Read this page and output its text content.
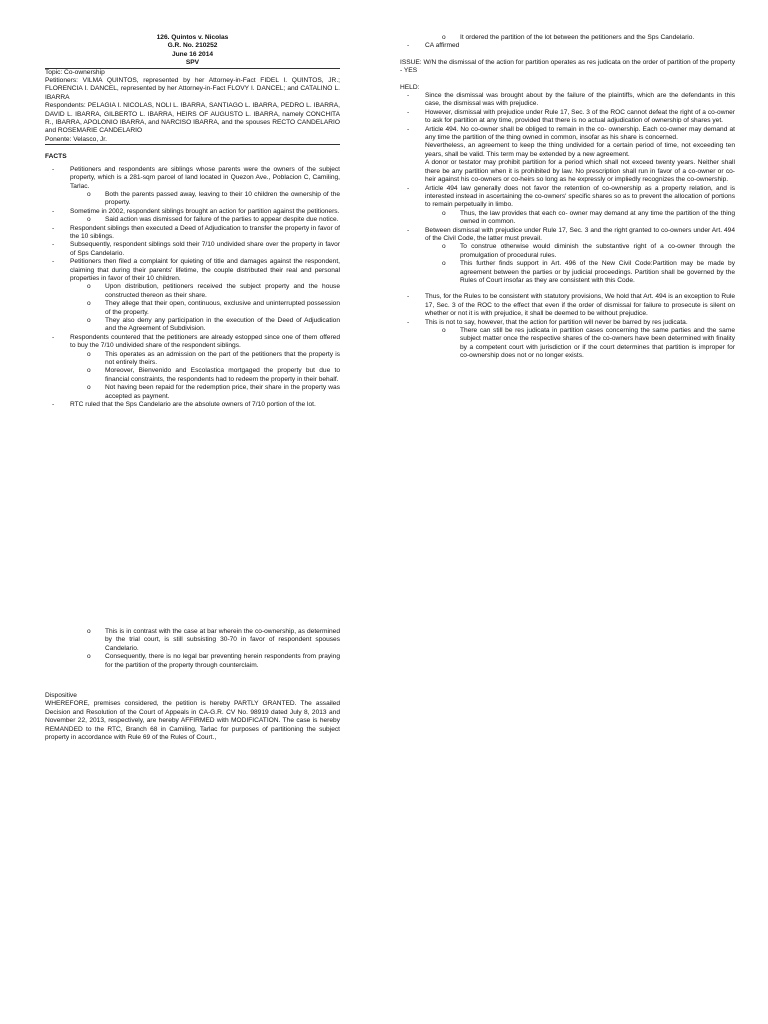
126. Quintos v. Nicolas
G.R. No. 210252
June 16 2014
SPV

Topic: Co-ownership

Petitioners: VILMA QUINTOS, represented by her Attorney-in-Fact FIDEL I. QUINTOS, JR.; FLORENCIA I. DANCEL, represented by her Attorney-in-Fact FLOVY I. DANCEL; and CATALINO L. IBARRA

Respondents: PELAGIA I. NICOLAS, NOLI L. IBARRA, SANTIAGO L. IBARRA, PEDRO L. IBARRA, DAVID L. IBARRA, GILBERTO L. IBARRA, HEIRS OF AUGUSTO L. IBARRA, namely CONCHITA R., IBARRA, APOLONIO IBARRA, and NARCISO IBARRA, and the spouses RECTO CANDELARIO and ROSEMARIE CANDELARIO

Ponente: Velasco, Jr.

FACTS
- Petitioners and respondents are siblings whose parents were the owners of the subject property, which is a 281-sqm parcel of land located in Quezon Ave., Poblacion C, Camiling, Tarlac.
o Both the parents passed away, leaving to their 10 children the ownership of the property.
- Sometime in 2002, respondent siblings brought an action for partition against the petitioners.
o Said action was dismissed for failure of the parties to appear despite due notice.
- Respondent siblings then executed a Deed of Adjudication to transfer the property in favor of the 10 siblings.
- Subsequently, respondent siblings sold their 7/10 undivided share over the property in favor of Sps Candelario.
- Petitioners then filed a complaint for quieting of title and damages against the respondent, claiming that during their parents' lifetime, the couple distributed their real and personal properties in favor of their 10 children.
o Upon distribution, petitioners received the subject property and the house constructed thereon as their share.
o They allege that their open, continuous, exclusive and uninterrupted possession of the property.
o They also deny any participation in the execution of the Deed of Adjudication and the Agreement of Subdivision.
- Respondents countered that the petitioners are already estopped since one of them offered to buy the 7/10 undivided share of the respondent siblings.
o This operates as an admission on the part of the petitioners that the property is not entirely theirs.
o Moreover, Bienvenido and Escolastica mortgaged the property but due to financial constraints, the respondents had to redeem the property in their behalf.
o Not having been repaid for the redemption price, their share in the property was accepted as payment.
- RTC ruled that the Sps Candelario are the absolute owners of 7/10 portion of the lot.
o This is in contrast with the case at bar wherein the co-ownership, as determined by the trial court, is still subsisting 30-70 in favor of respondent spouses Candelario.
o Consequently, there is no legal bar preventing herein respondents from praying for the partition of the property through counterclaim.
Dispositive

WHEREFORE, premises considered, the petition is hereby PARTLY GRANTED. The assailed Decision and Resolution of the Court of Appeals in CA-G.R. CV No. 98919 dated July 8, 2013 and November 22, 2013, respectively, are hereby AFFIRMED with MODIFICATION. The case is hereby REMANDED to the RTC, Branch 68 in Camiling, Tarlac for purposes of partitioning the subject property in accordance with Rule 69 of the Rules of Court.,

o It ordered the partition of the lot between the petitioners and the Sps Candelario.
- CA affirmed

ISSUE: W/N the dismissal of the action for partition operates as res judicata on the order of partition of the property - YES

HELD:
- Since the dismissal was brought about by the failure of the plaintiffs, which are the defendants in this case, the dismissal was with prejudice.
- However, dismissal with prejudice under Rule 17, Sec. 3 of the ROC cannot defeat the right of a co-owner to ask for partition at any time, provided that there is no actual adjudication of ownership of shares yet.
- Article 494. No co-owner shall be obliged to remain in the co- ownership. Each co-owner may demand at any time the partition of the thing owned in common, insofar as his share is concerned.
Nevertheless, an agreement to keep the thing undivided for a certain period of time, not exceeding ten years, shall be valid. This term may be extended by a new agreement.
A donor or testator may prohibit partition for a period which shall not exceed twenty years. Neither shall there be any partition when it is prohibited by law. No prescription shall run in favor of a co-owner or co-heir against his co-owners or co-heirs so long as he expressly or impliedly recognizes the co-ownership.
- Article 494 law generally does not favor the retention of co-ownership as a property relation, and is interested instead in ascertaining the co-owners' specific shares so as to prevent the allocation of portions to remain perpetually in limbo.
o Thus, the law provides that each co- owner may demand at any time the partition of the thing owned in common.
- Between dismissal with prejudice under Rule 17, Sec. 3 and the right granted to co-owners under Art. 494 of the Civil Code, the latter must prevail.
o To construe otherwise would diminish the substantive right of a co-owner through the promulgation of procedural rules.
o This further finds support in Art. 496 of the New Civil Code:Partition may be made by agreement between the parties or by judicial proceedings. Partition shall be governed by the Rules of Court insofar as they are consistent with this Code.
- Thus, for the Rules to be consistent with statutory provisions, We hold that Art. 494 is an exception to Rule 17, Sec. 3 of the ROC to the effect that even if the order of dismissal for failure to prosecute is silent on whether or not it is with prejudice, it shall be deemed to be without prejudice.
- This is not to say, however, that the action for partition will never be barred by res judicata.
o There can still be res judicata in partition cases concerning the same parties and the same subject matter once the respective shares of the co-owners have been determined with finality by a competent court with jurisdiction or if the court determines that partition is improper for co-ownership does not or no longer exists.
